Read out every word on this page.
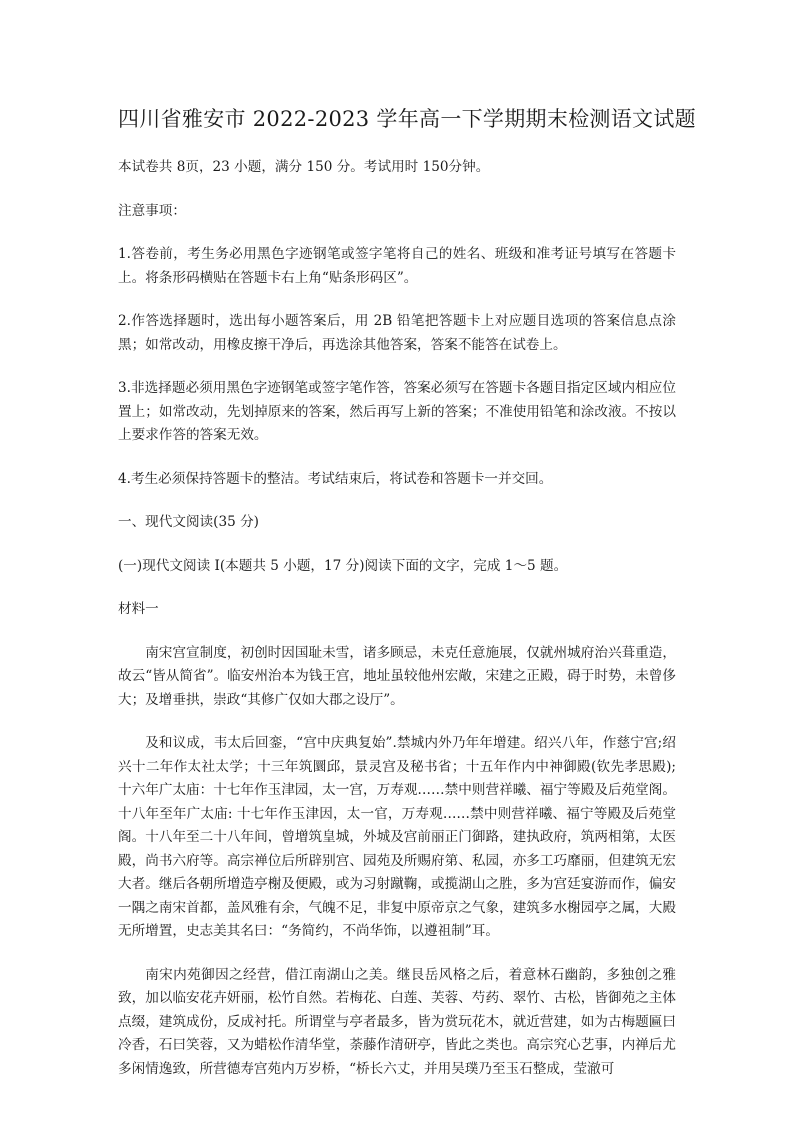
四川省雅安市 2022-2023 学年高一下学期期末检测语文试题

本试卷共 8页，23 小题，满分 150 分。考试用时 150分钟。

注意事项：

1.答卷前，考生务必用黑色字迹钢笔或签字笔将自己的姓名、班级和准考证号填写在答题卡上。将条形码横贴在答题卡右上角“贴条形码区”。

2.作答选择题时，选出每小题答案后，用 2B 铅笔把答题卡上对应题目选项的答案信息点涂黑；如常改动，用橡皮擦干净后，再选涂其他答案，答案不能答在试卷上。

3.非选择题必须用黑色字迹钢笔或签字笔作答，答案必须写在答题卡各题目指定区域内相应位置上；如常改动，先划掉原来的答案，然后再写上新的答案；不准使用铅笔和涂改液。不按以上要求作答的答案无效。

4.考生必须保持答题卡的整洁。考试结束后，将试卷和答题卡一并交回。

一、现代文阅读(35 分)

(一)现代文阅读 I(本题共 5 小题，17 分)阅读下面的文字，完成 1～5 题。

材料一

南宋宫宣制度，初创时因国耻未雪，诸多顾忌，未克任意施展，仅就州城府治兴葺重造，故云“皆从简省”。临安州治本为钱王宫，地址虽较他州宏敞，宋建之正殿，碍于时势，未曾侈大；及增垂拱，崇政“其修广仅如大郡之设厅”。

及和议成，韦太后回銮，“宫中庆典复始”.禁城内外乃年年增建。绍兴八年，作慈宁宫;绍兴十二年作太社太学；十三年筑圜邱，景灵宫及秘书省；十五年作内中神御殿(钦先孝思殿);十六年广太庙：十七年作玉津园，太一宫，万寿观……禁中则营祥曦、福宁等殿及后苑堂阁。十八年至年广太庙: 十七年作玉津因，太一官，万寿观……禁中则营祥曦、福宁等殿及后苑堂阁。十八年至二十八年间，曾增筑皇城，外城及宫前丽正门御路，建执政府，筑两相第，太医殿，尚书六府等。高宗禅位后所辟别宫、园苑及所赐府第、私园，亦多工巧靡丽，但建筑无宏大者。继后各朝所增造亭榭及便殿，或为习射蹴鞠，或揽湖山之胜，多为宫廷宴游而作，偏安一隅之南宋首都，盖风雅有余，气魄不足，非复中原帝京之气象，建筑多水榭园亭之属，大殿无所增置，史志美其名曰：“务简约，不尚华饰，以遵祖制”耳。

南宋内苑御因之经营，借江南湖山之美。继艮岳风格之后，着意林石幽韵，多独创之雅致，加以临安花卉妍丽，松竹自然。若梅花、白莲、芙蓉、芍药、翠竹、古松，皆御苑之主体点缀，建筑成份，反成衬托。所谓堂与亭者最多，皆为赏玩花木，就近营建，如为古梅题匾曰冷香，石曰笑蓉，又为蜡松作清华堂，荼藤作清研亭，皆此之类也。高宗究心艺事，内禅后尤多闲情逸致，所营德寿宫苑内万岁桥，“桥长六丈，并用吴璞乃至玉石整成，莹澈可
